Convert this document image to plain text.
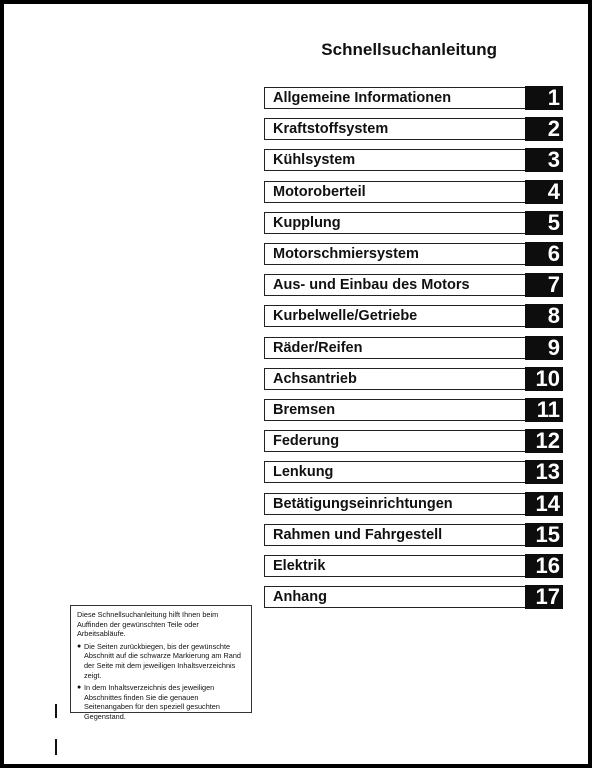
Schnellsuchanleitung
Allgemeine Informationen	1
Kraftstoffsystem	2
Kühlsystem	3
Motoroberteil	4
Kupplung	5
Motorschmiersystem	6
Aus- und Einbau des Motors	7
Kurbelwelle/Getriebe	8
Räder/Reifen	9
Achsantrieb	10
Bremsen	11
Federung	12
Lenkung	13
Betätigungseinrichtungen	14
Rahmen und Fahrgestell	15
Elektrik	16
Anhang	17

Diese Schnellsuchanleitung hilft Ihnen beim Auffinden der gewünschten Teile oder Arbeitsabläufe.

● Die Seiten zurückbiegen, bis der gewünschte Abschnitt auf die schwarze Markierung am Rand der Seite mit dem jeweiligen Inhaltsverzeichnis zeigt.
● In dem Inhaltsverzeichnis des jeweiligen Abschnittes finden Sie die genauen Seitenangaben für den speziell gesuchten Gegenstand.
